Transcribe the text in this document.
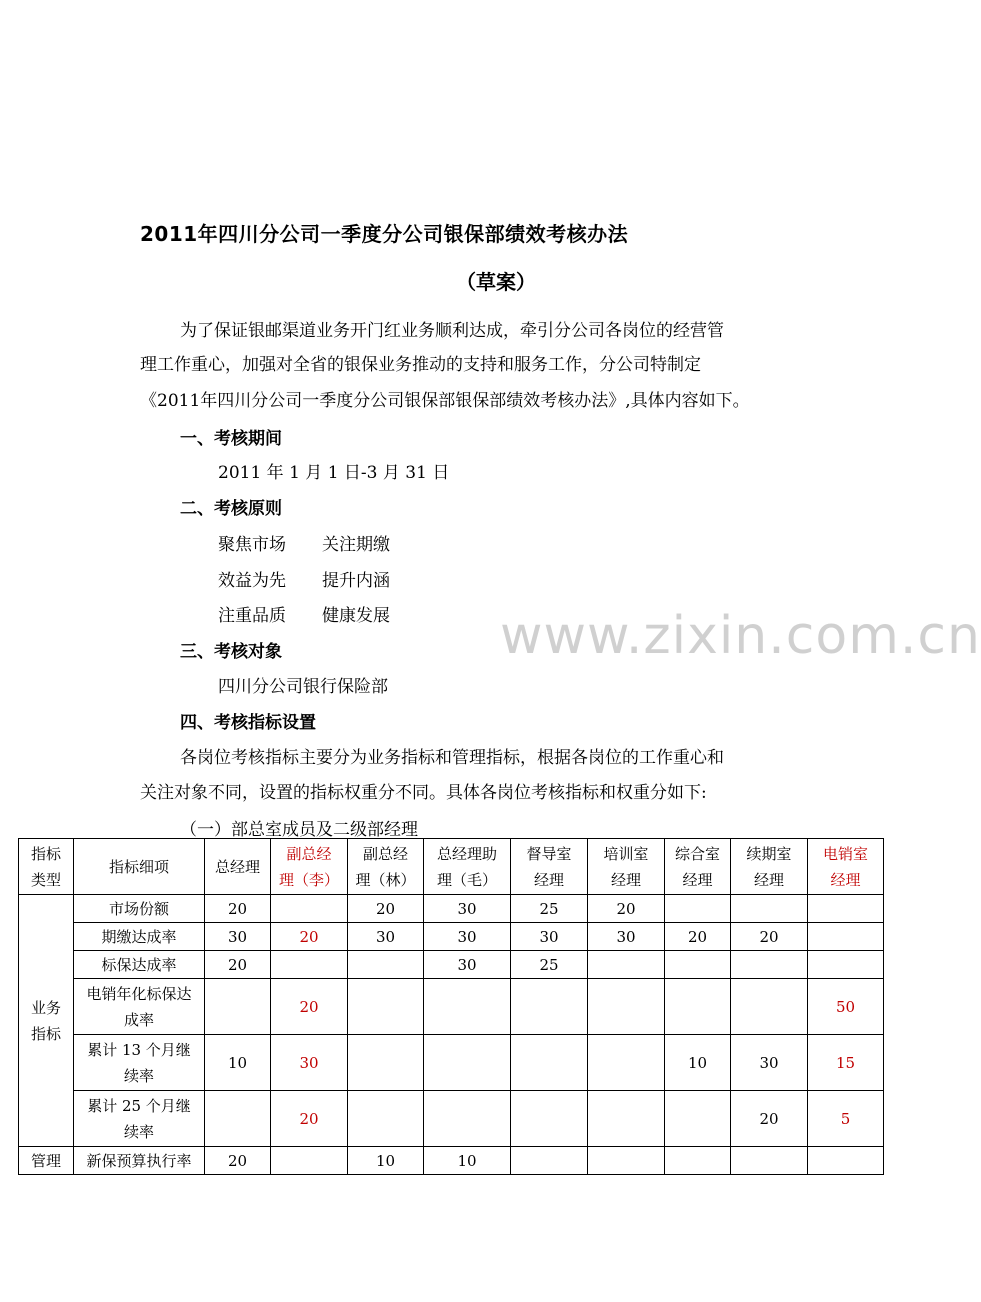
2011年四川分公司一季度分公司银保部绩效考核办法
（草案）
为了保证银邮渠道业务开门红业务顺利达成，牵引分公司各岗位的经营管
理工作重心，加强对全省的银保业务推动的支持和服务工作，分公司特制定
《2011年四川分公司一季度分公司银保部银保部绩效考核办法》,具体内容如下。
一、考核期间
2011 年 1 月 1 日-3 月 31 日
二、考核原则
聚焦市场 关注期缴
效益为先 提升内涵
注重品质 健康发展 www.zixin.com.cn
三、考核对象
四川分公司银行保险部
四、考核指标设置
各岗位考核指标主要分为业务指标和管理指标，根据各岗位的工作重心和
关注对象不同，设置的指标权重分不同。具体各岗位考核指标和权重分如下:
（一）部总室成员及二级部经理
指标
类型	指标细项	总经理	副总经
理（李）	副总经
理（林）	总经理助
理（毛）	督导室
经理	培训室
经理	综合室
经理	续期室
经理	电销室
经理
业务
指标	市场份额	20		20	30	25	20			
	期缴达成率	30	20	30	30	30	30	20	20	
	标保达成率	20			30	25				
	电销年化标保达
成率		20							50
	累计 13 个月继
续率	10	30					10	30	15
	累计 25 个月继
续率		20						20	5
管理	新保预算执行率	20		10	10					
